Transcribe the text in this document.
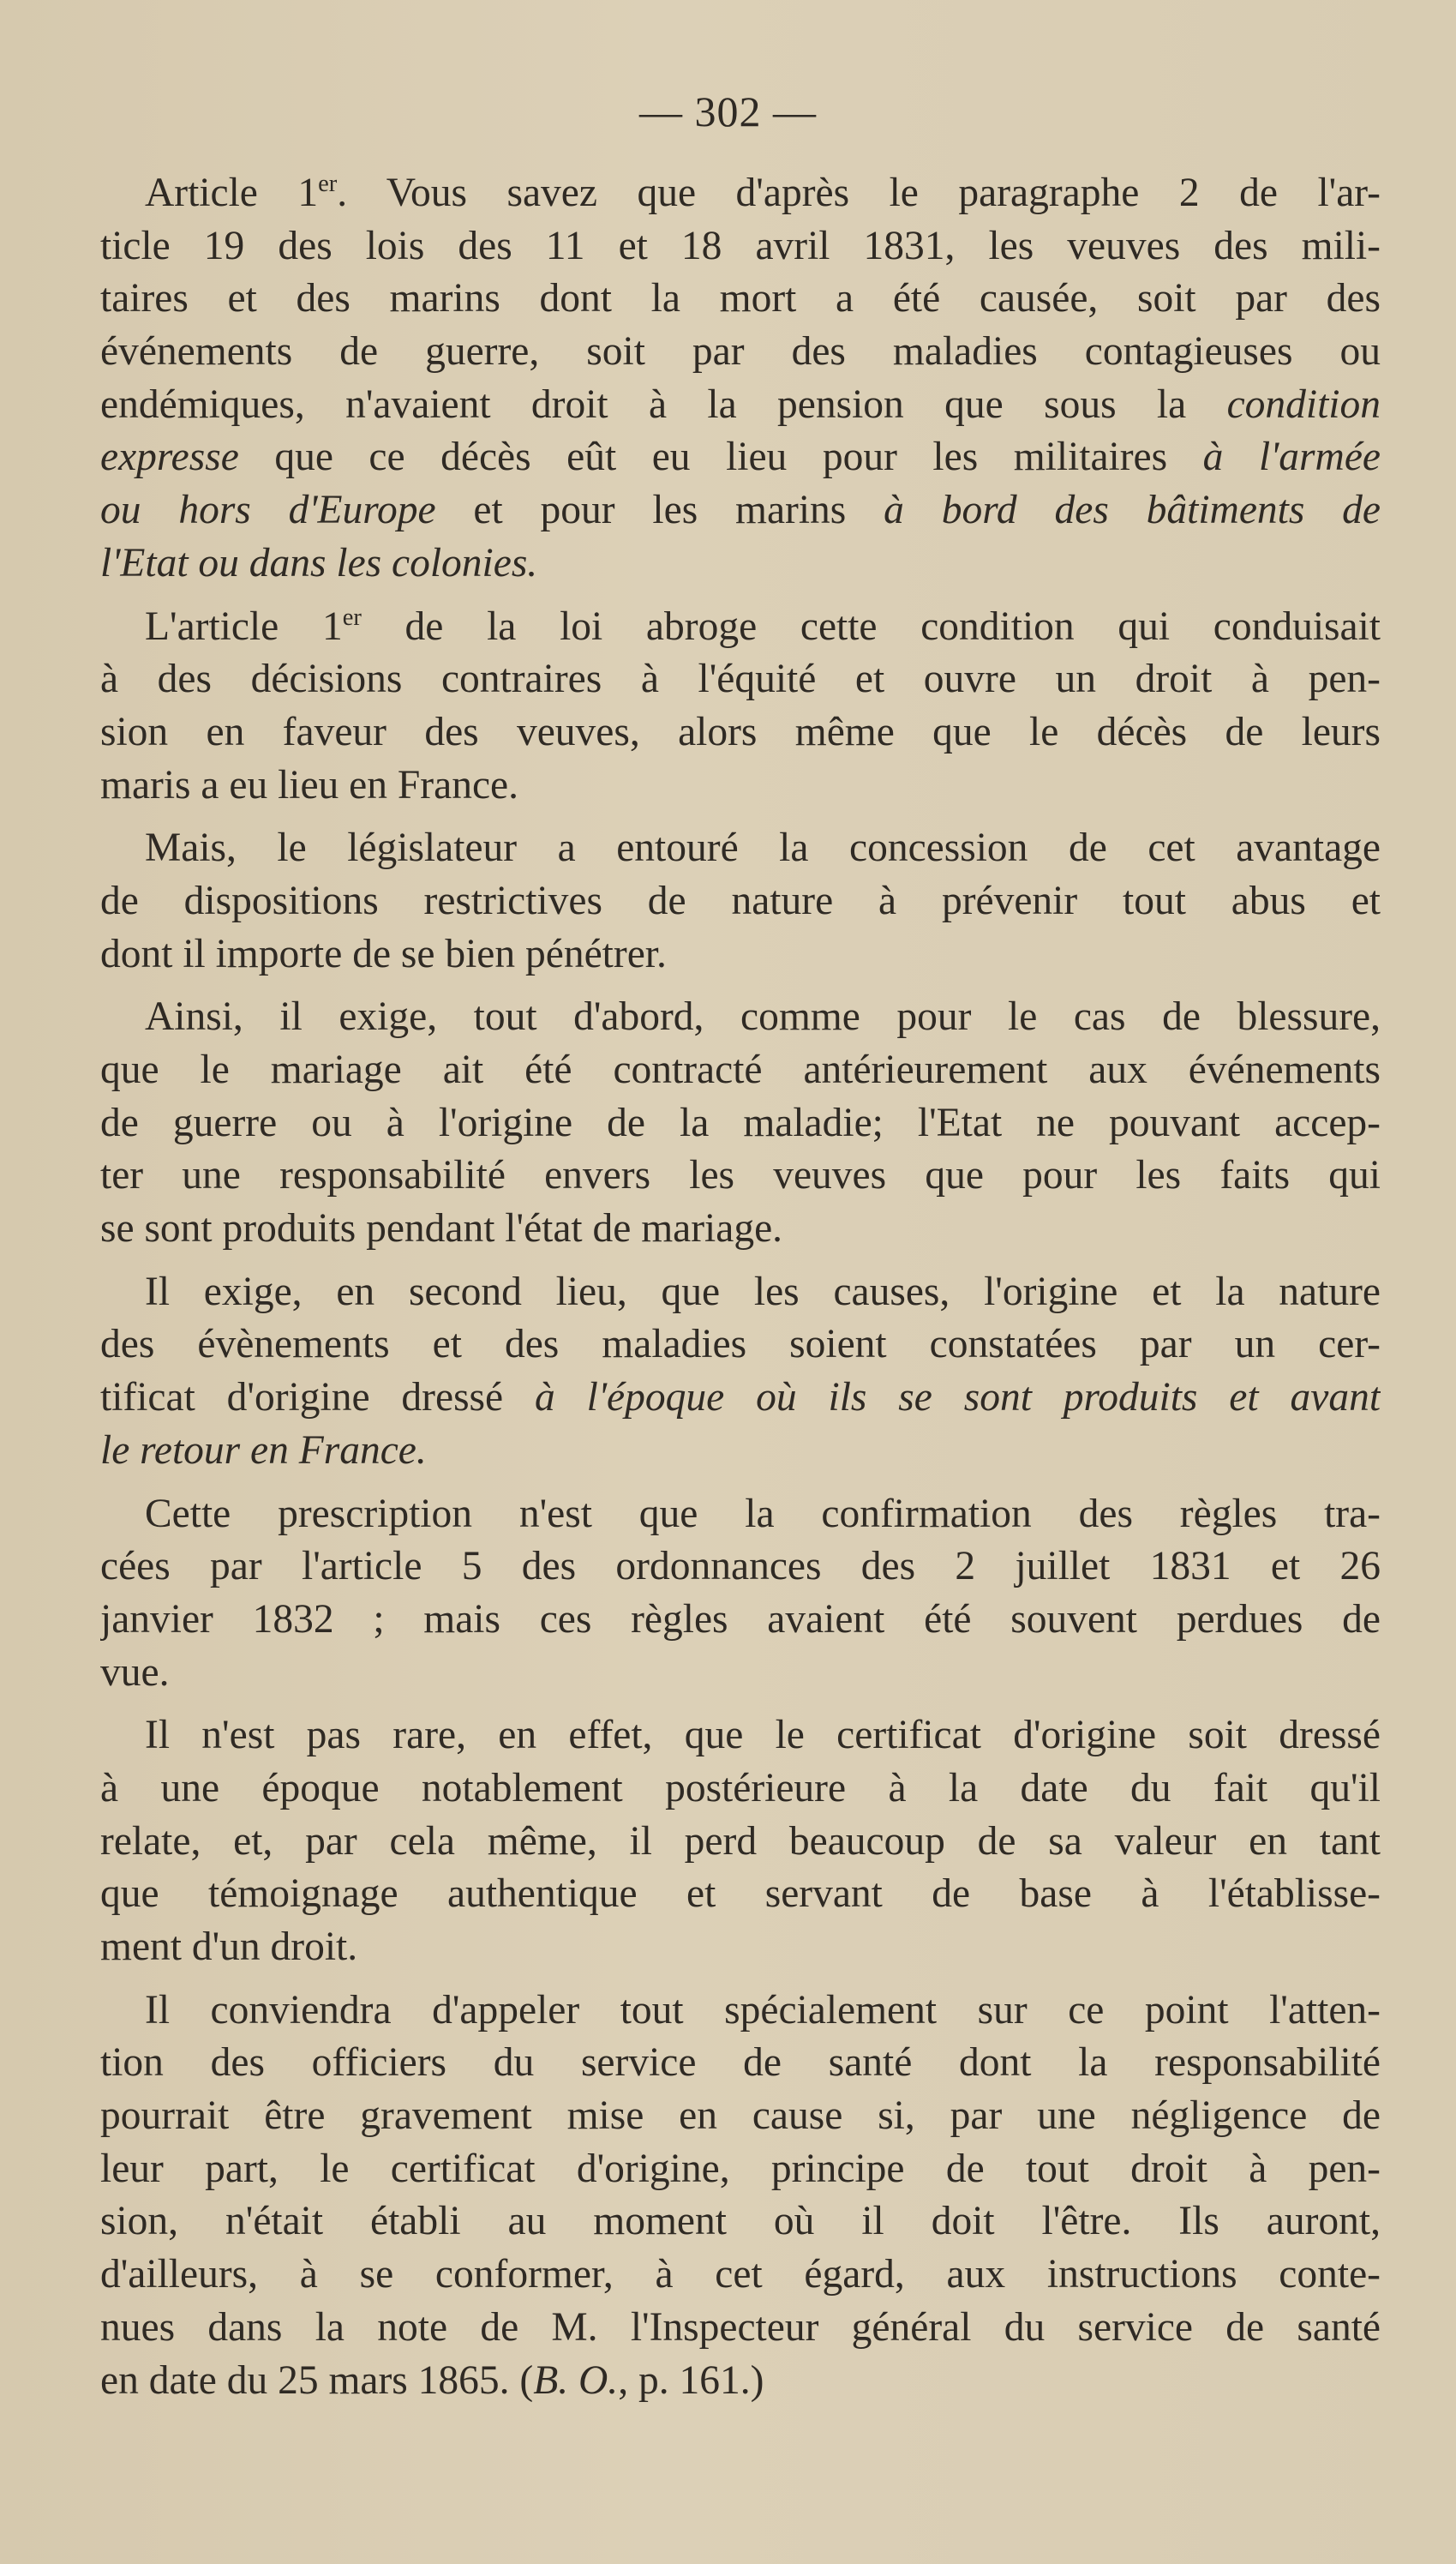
— 302 —
Article 1er. Vous savez que d'après le paragraphe 2 de l'ar-
ticle 19 des lois des 11 et 18 avril 1831, les veuves des mili-
taires et des marins dont la mort a été causée, soit par des
événements de guerre, soit par des maladies contagieuses ou
endémiques, n'avaient droit à la pension que sous la condition
expresse que ce décès eût eu lieu pour les militaires à l'armée
ou hors d'Europe et pour les marins à bord des bâtiments de
l'Etat ou dans les colonies.
L'article 1er de la loi abroge cette condition qui conduisait
à des décisions contraires à l'équité et ouvre un droit à pen-
sion en faveur des veuves, alors même que le décès de leurs
maris a eu lieu en France.
Mais, le législateur a entouré la concession de cet avantage
de dispositions restrictives de nature à prévenir tout abus et
dont il importe de se bien pénétrer.
Ainsi, il exige, tout d'abord, comme pour le cas de blessure,
que le mariage ait été contracté antérieurement aux événements
de guerre ou à l'origine de la maladie; l'Etat ne pouvant accep-
ter une responsabilité envers les veuves que pour les faits qui
se sont produits pendant l'état de mariage.
Il exige, en second lieu, que les causes, l'origine et la nature
des évènements et des maladies soient constatées par un cer-
tificat d'origine dressé à l'époque où ils se sont produits et avant
le retour en France.
Cette prescription n'est que la confirmation des règles tra-
cées par l'article 5 des ordonnances des 2 juillet 1831 et 26
janvier 1832 ; mais ces règles avaient été souvent perdues de
vue.
Il n'est pas rare, en effet, que le certificat d'origine soit dressé
à une époque notablement postérieure à la date du fait qu'il
relate, et, par cela même, il perd beaucoup de sa valeur en tant
que témoignage authentique et servant de base à l'établisse-
ment d'un droit.
Il conviendra d'appeler tout spécialement sur ce point l'atten-
tion des officiers du service de santé dont la responsabilité
pourrait être gravement mise en cause si, par une négligence de
leur part, le certificat d'origine, principe de tout droit à pen-
sion, n'était établi au moment où il doit l'être. Ils auront,
d'ailleurs, à se conformer, à cet égard, aux instructions conte-
nues dans la note de M. l'Inspecteur général du service de santé
en date du 25 mars 1865. (B. O., p. 161.)
